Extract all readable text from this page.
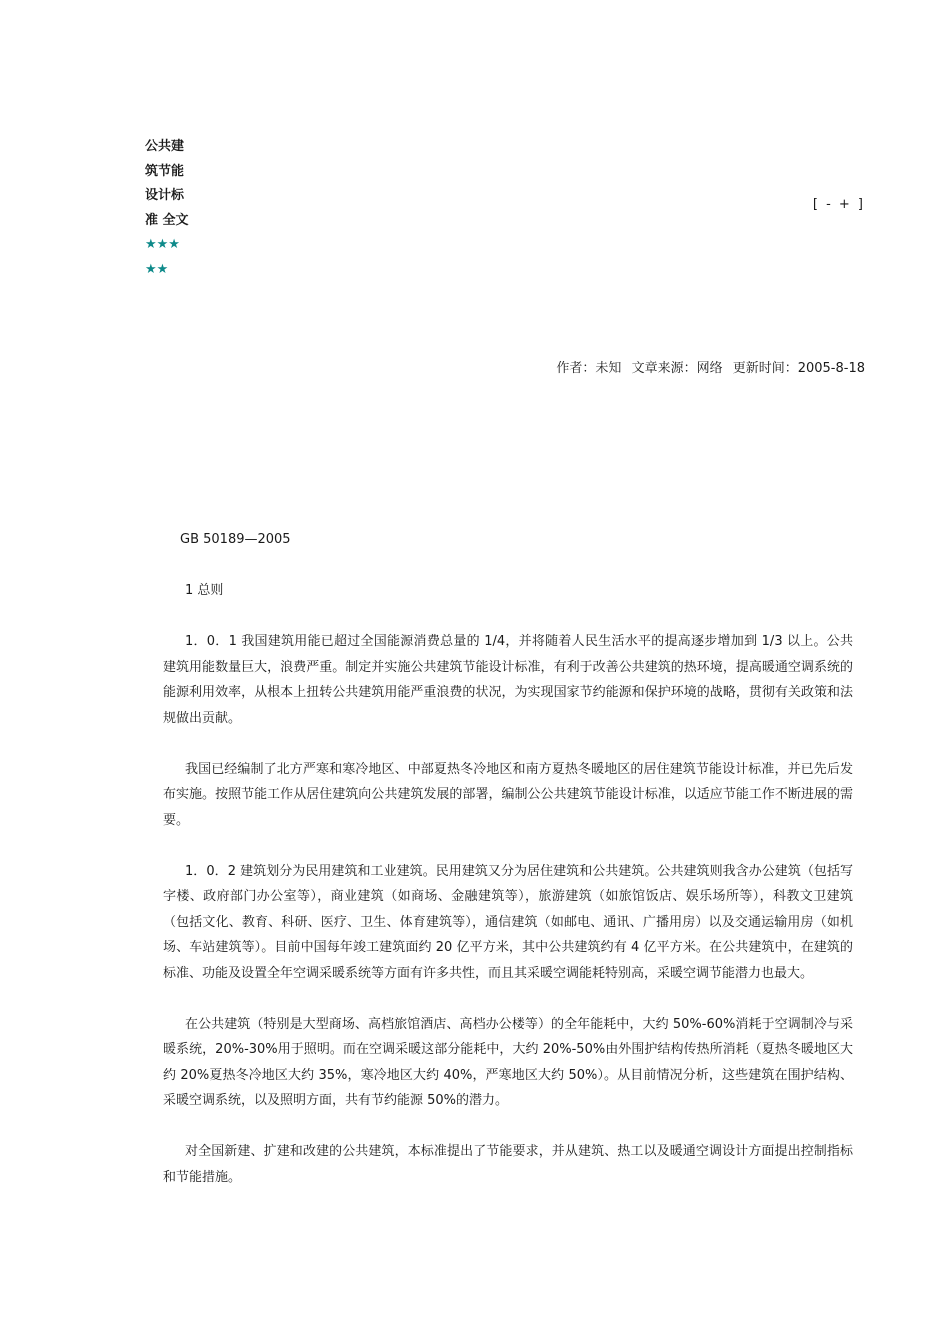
公共建
筑节能
设计标
准 全文
★★★
★★
[ - + ]
作者：未知 文章来源：网络 更新时间：2005-8-18

GB 50189—2005

1 总则

1．0．1 我国建筑用能已超过全国能源消费总量的 1/4，并将随着人民生活水平的提高逐步增加到 1/3 以上。公共建筑用能数量巨大，浪费严重。制定并实施公共建筑节能设计标准，有利于改善公共建筑的热环境，提高暖通空调系统的能源利用效率，从根本上扭转公共建筑用能严重浪费的状况，为实现国家节约能源和保护环境的战略，贯彻有关政策和法规做出贡献。

我国已经编制了北方严寒和寒冷地区、中部夏热冬冷地区和南方夏热冬暖地区的居住建筑节能设计标准，并已先后发布实施。按照节能工作从居住建筑向公共建筑发展的部署，编制公公共建筑节能设计标准，以适应节能工作不断进展的需要。

1．0．2 建筑划分为民用建筑和工业建筑。民用建筑又分为居住建筑和公共建筑。公共建筑则我含办公建筑（包括写字楼、政府部门办公室等），商业建筑（如商场、金融建筑等），旅游建筑（如旅馆饭店、娱乐场所等），科教文卫建筑（包括文化、教育、科研、医疗、卫生、体育建筑等），通信建筑（如邮电、通讯、广播用房）以及交通运输用房（如机场、车站建筑等）。目前中国每年竣工建筑面约 20 亿平方米，其中公共建筑约有 4 亿平方米。在公共建筑中，在建筑的标准、功能及设置全年空调采暖系统等方面有许多共性，而且其采暖空调能耗特别高，采暖空调节能潜力也最大。

在公共建筑（特别是大型商场、高档旅馆酒店、高档办公楼等）的全年能耗中，大约 50%-60%消耗于空调制冷与采暖系统，20%-30%用于照明。而在空调采暖这部分能耗中，大约 20%-50%由外围护结构传热所消耗（夏热冬暖地区大约 20%夏热冬冷地区大约 35%，寒冷地区大约 40%，严寒地区大约 50%）。从目前情况分析，这些建筑在围护结构、采暖空调系统，以及照明方面，共有节约能源 50%的潜力。

对全国新建、扩建和改建的公共建筑，本标准提出了节能要求，并从建筑、热工以及暖通空调设计方面提出控制指标和节能措施。
